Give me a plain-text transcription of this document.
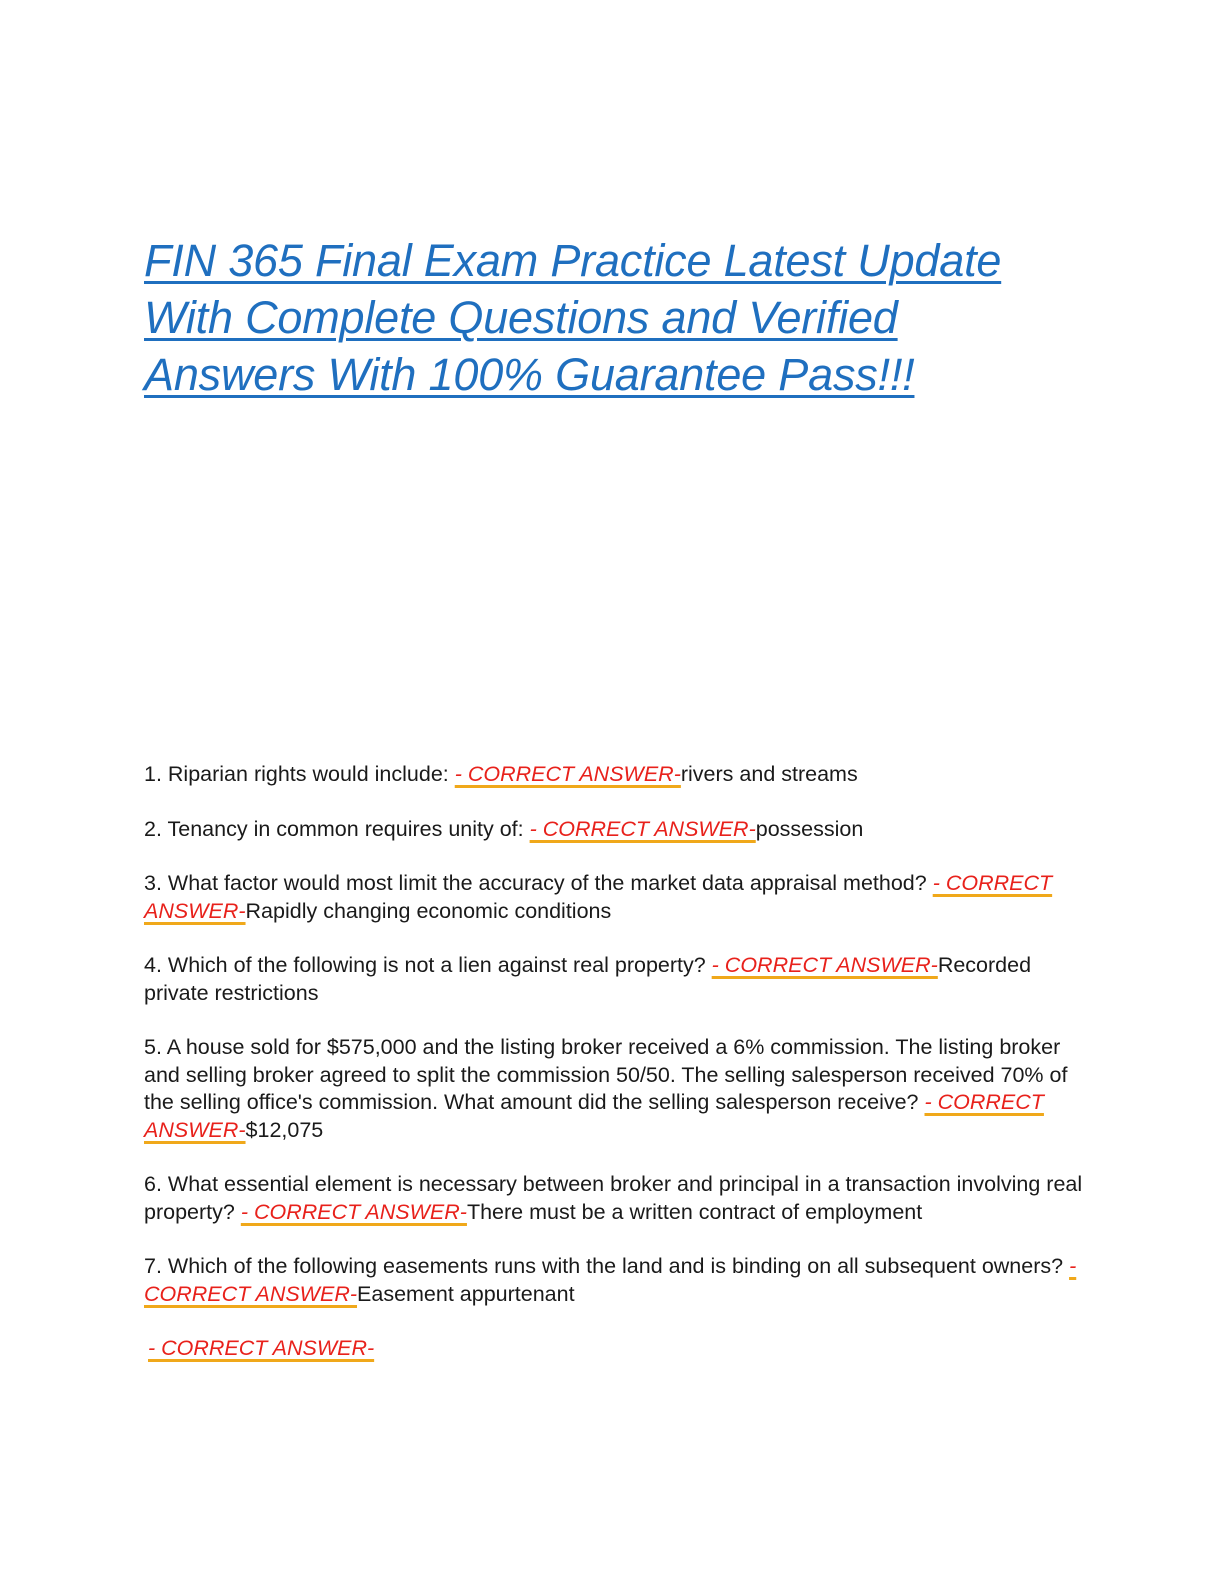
FIN 365 Final Exam Practice Latest Update
With Complete Questions and Verified
Answers With 100% Guarantee Pass!!!
1. Riparian rights would include: - CORRECT ANSWER-rivers and streams
2. Tenancy in common requires unity of: - CORRECT ANSWER-possession
3. What factor would most limit the accuracy of the market data appraisal method? - CORRECT ANSWER-Rapidly changing economic conditions
4. Which of the following is not a lien against real property? - CORRECT ANSWER-Recorded private restrictions
5. A house sold for $575,000 and the listing broker received a 6% commission. The listing broker and selling broker agreed to split the commission 50/50. The selling salesperson received 70% of the selling office's commission. What amount did the selling salesperson receive? - CORRECT ANSWER-$12,075
6. What essential element is necessary between broker and principal in a transaction involving real property? - CORRECT ANSWER-There must be a written contract of employment
7. Which of the following easements runs with the land and is binding on all subsequent owners? - CORRECT ANSWER-Easement appurtenant
- CORRECT ANSWER-
